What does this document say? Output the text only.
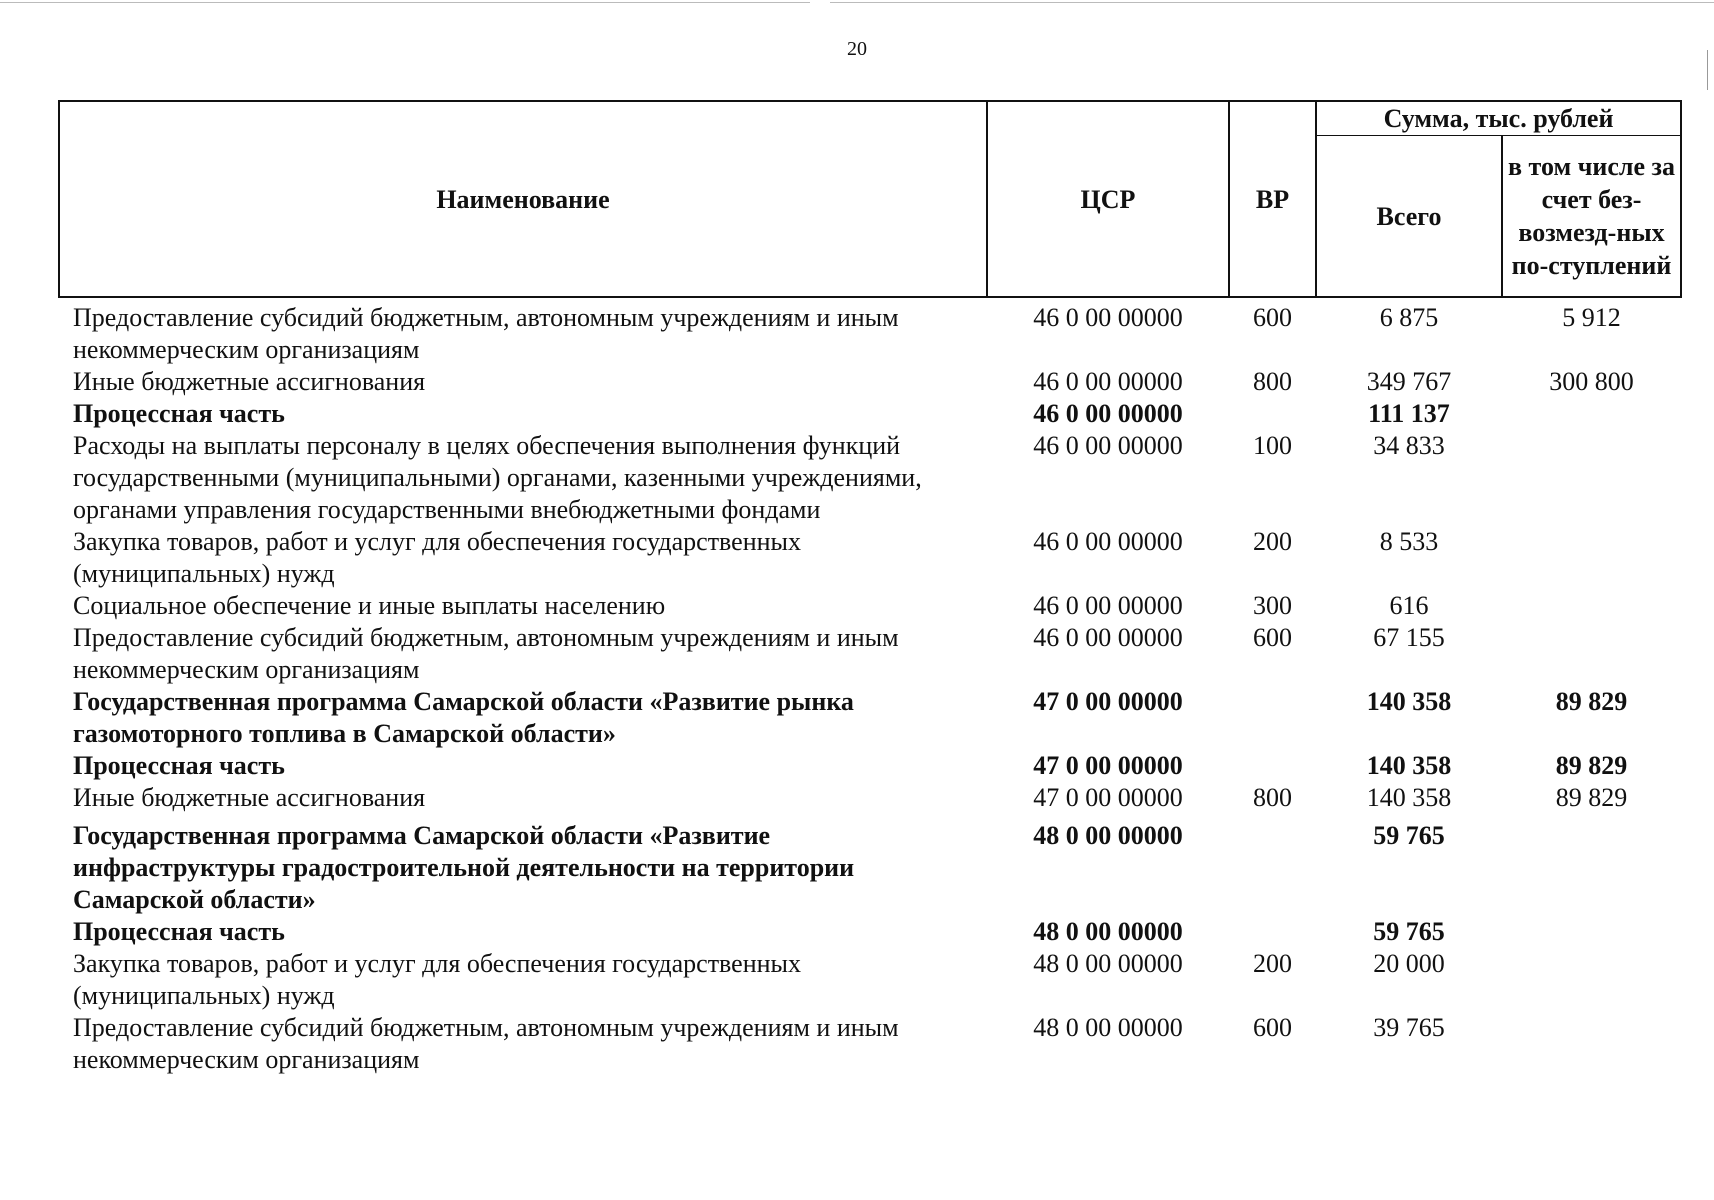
20
Наименование	ЦСР	ВР	Сумма, тыс. рублей	
			Всего	в том числе за счет без-возмезд-ных по-ступлений
Предоставление субсидий бюджетным, автономным учреждениям и иным некоммерческим организациям	46 0 00 00000	600	6 875	5 912
Иные бюджетные ассигнования	46 0 00 00000	800	349 767	300 800
Процессная часть	46 0 00 00000		111 137	
Расходы на выплаты персоналу в целях обеспечения выполнения функций государственными (муниципальными) органами, казенными учреждениями, органами управления государственными внебюджетными фондами	46 0 00 00000	100	34 833	
Закупка товаров, работ и услуг для обеспечения государственных (муниципальных) нужд	46 0 00 00000	200	8 533	
Социальное обеспечение и иные выплаты населению	46 0 00 00000	300	616	
Предоставление субсидий бюджетным, автономным учреждениям и иным некоммерческим организациям	46 0 00 00000	600	67 155	
Государственная программа Самарской области «Развитие рынка газомоторного топлива в Самарской области»	47 0 00 00000		140 358	89 829
Процессная часть	47 0 00 00000		140 358	89 829
Иные бюджетные ассигнования	47 0 00 00000	800	140 358	89 829
Государственная программа Самарской области «Развитие инфраструктуры градостроительной деятельности на территории Самарской области»	48 0 00 00000		59 765	
Процессная часть	48 0 00 00000		59 765	
Закупка товаров, работ и услуг для обеспечения государственных (муниципальных) нужд	48 0 00 00000	200	20 000	
Предоставление субсидий бюджетным, автономным учреждениям и иным некоммерческим организациям	48 0 00 00000	600	39 765	
